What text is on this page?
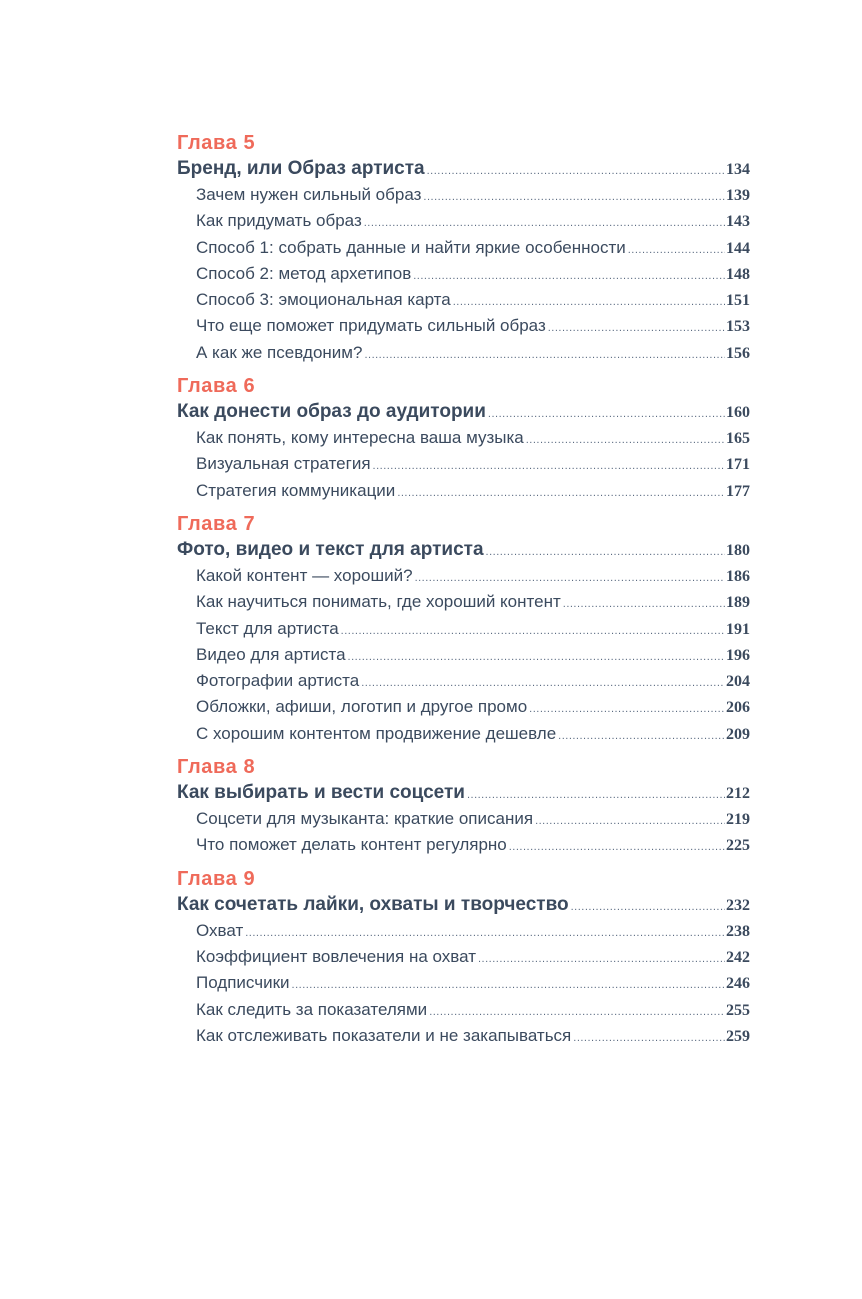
Глава 5
Бренд, или Образ артиста .....	134
Зачем нужен сильный образ .....	139
Как придумать образ .....	143
Способ 1: собрать данные и найти яркие особенности .....	144
Способ 2: метод архетипов .....	148
Способ 3: эмоциональная карта .....	151
Что еще поможет придумать сильный образ .....	153
А как же псевдоним? .....	156
Глава 6
Как донести образ до аудитории .....	160
Как понять, кому интересна ваша музыка .....	165
Визуальная стратегия .....	171
Стратегия коммуникации .....	177
Глава 7
Фото, видео и текст для артиста .....	180
Какой контент — хороший? .....	186
Как научиться понимать, где хороший контент .....	189
Текст для артиста .....	191
Видео для артиста .....	196
Фотографии артиста .....	204
Обложки, афиши, логотип и другое промо .....	206
С хорошим контентом продвижение дешевле .....	209
Глава 8
Как выбирать и вести соцсети .....	212
Соцсети для музыканта: краткие описания .....	219
Что поможет делать контент регулярно .....	225
Глава 9
Как сочетать лайки, охваты и творчество .....	232
Охват .....	238
Коэффициент вовлечения на охват .....	242
Подписчики .....	246
Как следить за показателями .....	255
Как отслеживать показатели и не закапываться .....	259
